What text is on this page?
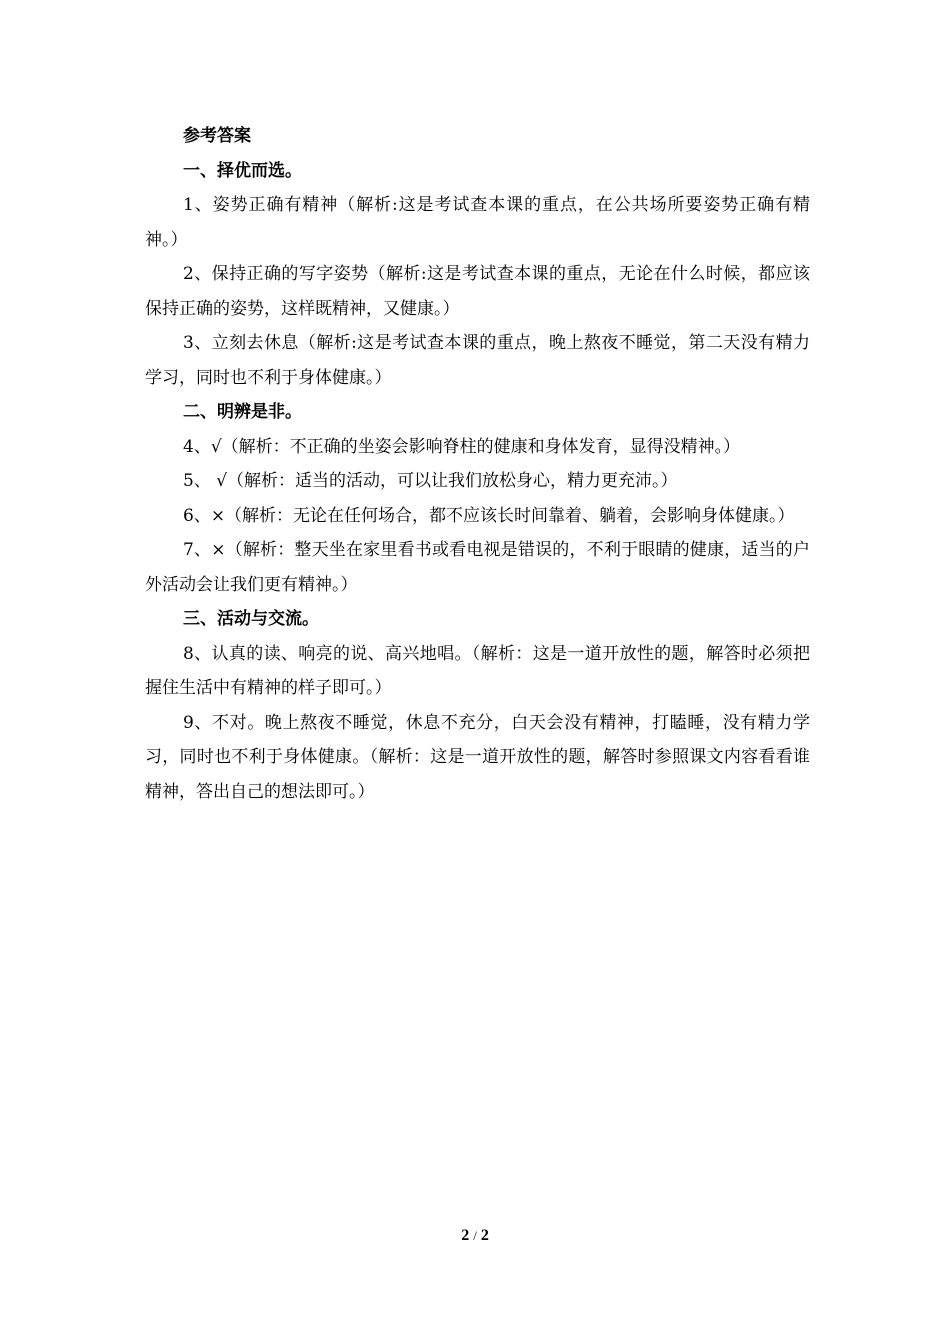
参考答案

一、择优而选。

1、姿势正确有精神（解析:这是考试查本课的重点，在公共场所要姿势正确有精神。）

2、保持正确的写字姿势（解析:这是考试查本课的重点，无论在什么时候，都应该保持正确的姿势，这样既精神，又健康。）

3、立刻去休息（解析:这是考试查本课的重点，晚上熬夜不睡觉，第二天没有精力学习，同时也不利于身体健康。）

二、明辨是非。

4、√（解析：不正确的坐姿会影响脊柱的健康和身体发育，显得没精神。）

5、 √（解析：适当的活动，可以让我们放松身心，精力更充沛。）

6、×（解析：无论在任何场合，都不应该长时间靠着、躺着，会影响身体健康。）

7、×（解析：整天坐在家里看书或看电视是错误的，不利于眼睛的健康，适当的户外活动会让我们更有精神。）

三、活动与交流。

8、认真的读、响亮的说、高兴地唱。（解析：这是一道开放性的题，解答时必须把握住生活中有精神的样子即可。）

9、不对。晚上熬夜不睡觉，休息不充分，白天会没有精神，打瞌睡，没有精力学习，同时也不利于身体健康。（解析：这是一道开放性的题，解答时参照课文内容看看谁精神，答出自己的想法即可。）

2 / 2
